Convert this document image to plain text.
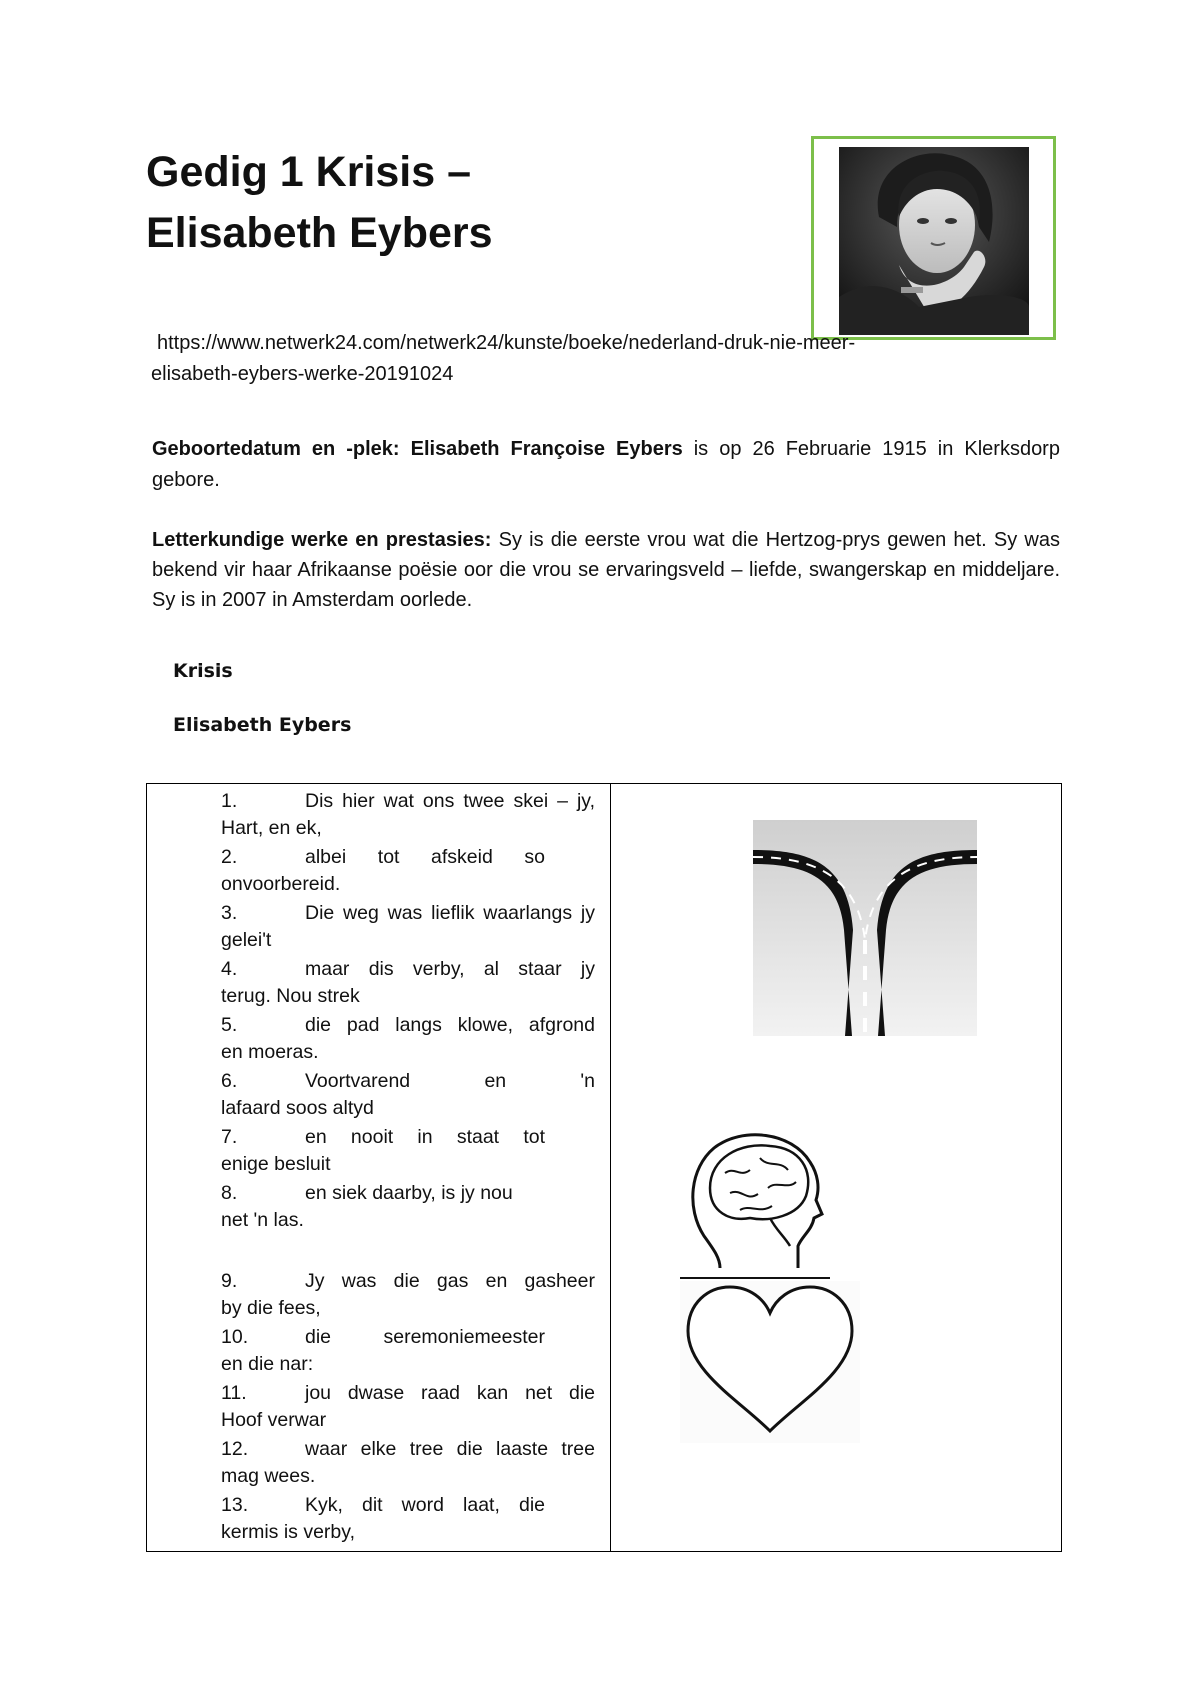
Gedig 1 Krisis –
Elisabeth Eybers
https://www.netwerk24.com/netwerk24/kunste/boeke/nederland-druk-nie-meer-
elisabeth-eybers-werke-20191024

Geboortedatum en -plek: Elisabeth Françoise Eybers is op 26 Februarie 1915 in Klerksdorp gebore.

Letterkundige werke en prestasies: Sy is die eerste vrou wat die Hertzog-prys gewen het. Sy was bekend vir haar Afrikaanse poësie oor die vrou se ervaringsveld – liefde, swangerskap en middeljare. Sy is in 2007 in Amsterdam oorlede.

Krisis
Elisabeth Eybers
1.	Dis hier wat ons twee skei – jy,
Hart, en ek,
2.	albei tot afskeid so
onvoorbereid.
3.	Die weg was lieflik waarlangs jy
gelei't
4.	maar dis verby, al staar jy
terug. Nou strek
5.	die pad langs klowe, afgrond
en moeras.
6.	Voortvarend en 'n
lafaard soos altyd
7.	en nooit in staat tot
enige besluit
8.	en siek daarby, is jy nou
net 'n las.
9.	Jy was die gas en gasheer
by die fees,
10.	die seremoniemeester
en die nar:
11.	jou dwase raad kan net die
Hoof verwar
12.	waar elke tree die laaste tree
mag wees.
13.	Kyk, dit word laat, die
kermis is verby,
